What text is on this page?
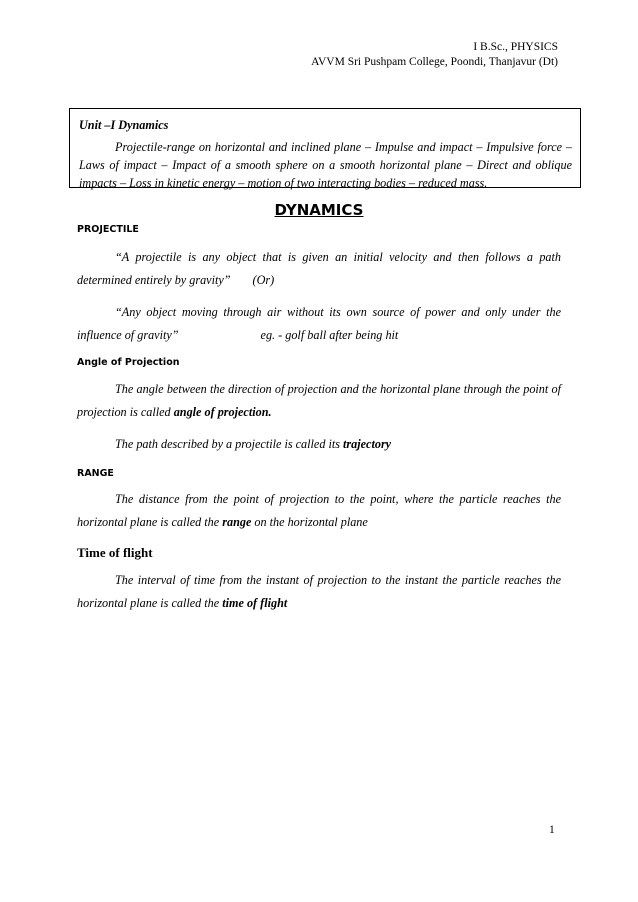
I B.Sc., PHYSICS
AVVM Sri Pushpam College, Poondi, Thanjavur (Dt)
Unit –I Dynamics
Projectile-range on horizontal and inclined plane – Impulse and impact – Impulsive force – Laws of impact – Impact of a smooth sphere on a smooth horizontal plane – Direct and oblique impacts – Loss in kinetic energy – motion of two interacting bodies – reduced mass.
DYNAMICS
PROJECTILE
“A projectile is any object that is given an initial velocity and then follows a path determined entirely by gravity” (Or)
“Any object moving through air without its own source of power and only under the influence of gravity”	eg. - golf ball after being hit
Angle of Projection
The angle between the direction of projection and the horizontal plane through the point of projection is called angle of projection.
The path described by a projectile is called its trajectory
RANGE
The distance from the point of projection to the point, where the particle reaches the horizontal plane is called the range on the horizontal plane
Time of flight
The interval of time from the instant of projection to the instant the particle reaches the horizontal plane is called the time of flight
1
